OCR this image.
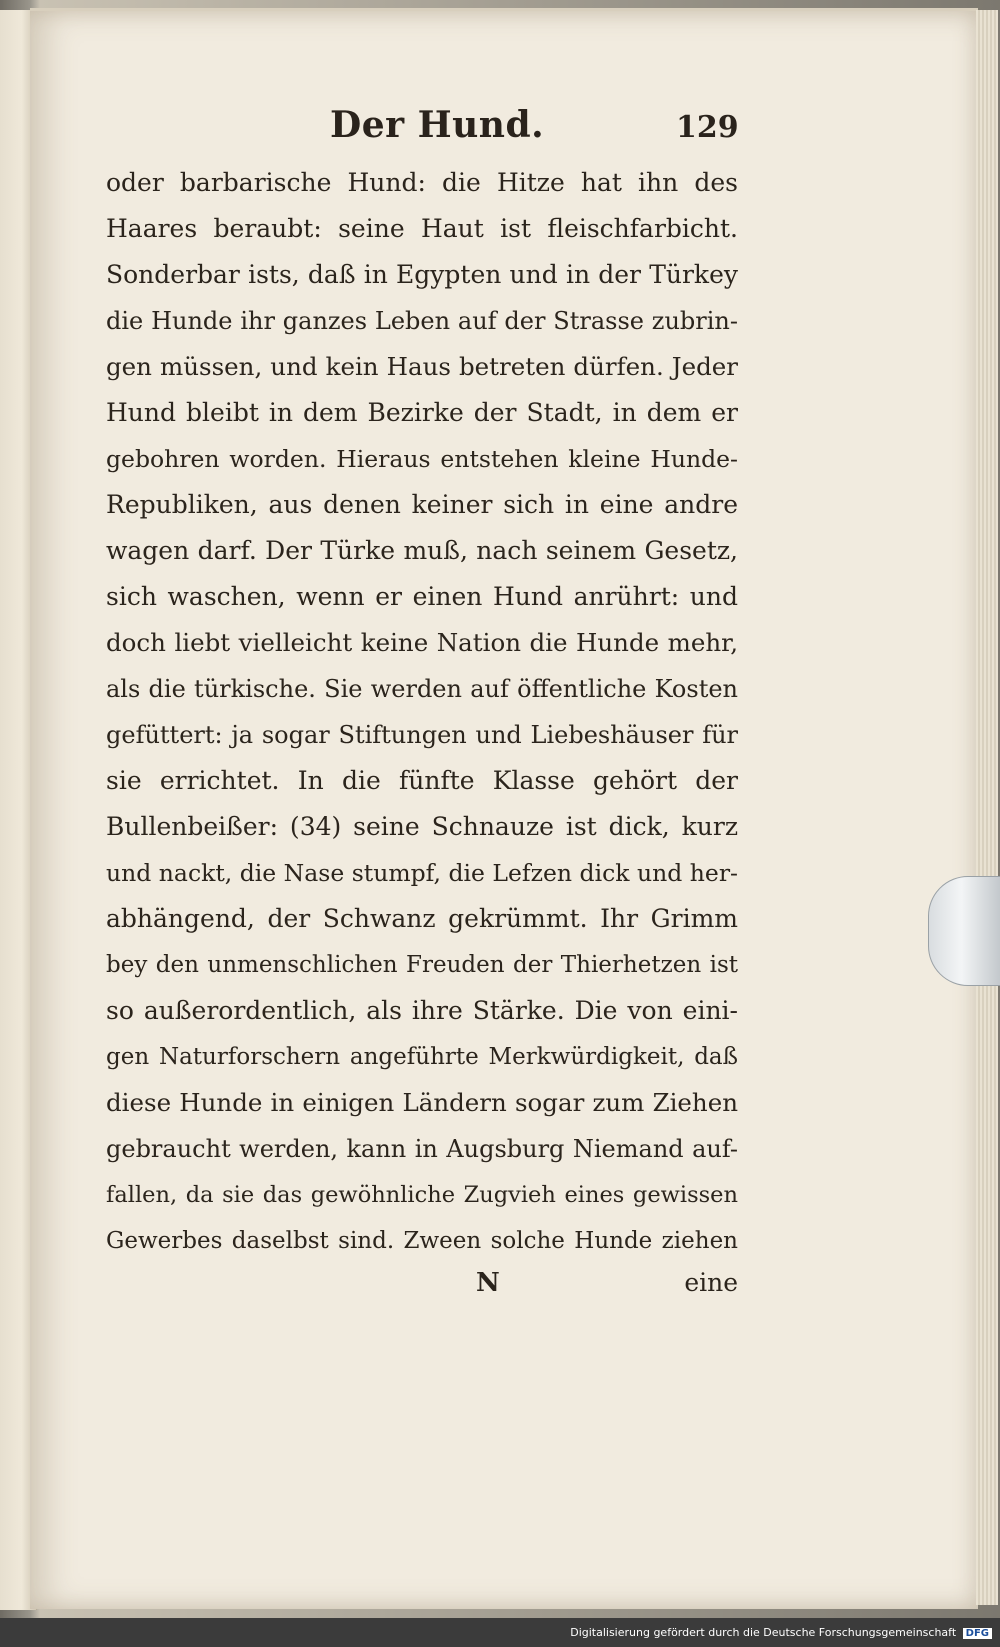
Der Hund.	129
oder barbarische Hund: die Hitze hat ihn des
Haares beraubt: seine Haut ist fleischfarbicht.
Sonderbar ists, daß in Egypten und in der Türkey
die Hunde ihr ganzes Leben auf der Strasse zubrin-
gen müssen, und kein Haus betreten dürfen. Jeder
Hund bleibt in dem Bezirke der Stadt, in dem er
gebohren worden. Hieraus entstehen kleine Hunde-
Republiken, aus denen keiner sich in eine andre
wagen darf. Der Türke muß, nach seinem Gesetz,
sich waschen, wenn er einen Hund anrührt: und
doch liebt vielleicht keine Nation die Hunde mehr,
als die türkische. Sie werden auf öffentliche Kosten
gefüttert: ja sogar Stiftungen und Liebeshäuser für
sie errichtet. In die fünfte Klasse gehört der
Bullenbeißer: (34) seine Schnauze ist dick, kurz
und nackt, die Nase stumpf, die Lefzen dick und her-
abhängend, der Schwanz gekrümmt. Ihr Grimm
bey den unmenschlichen Freuden der Thierhetzen ist
so außerordentlich, als ihre Stärke. Die von eini-
gen Naturforschern angeführte Merkwürdigkeit, daß
diese Hunde in einigen Ländern sogar zum Ziehen
gebraucht werden, kann in Augsburg Niemand auf-
fallen, da sie das gewöhnliche Zugvieh eines gewissen
Gewerbes daselbst sind. Zween solche Hunde ziehen
N	eine
Digitalisierung gefördert durch die Deutsche Forschungsgemeinschaft DFG
